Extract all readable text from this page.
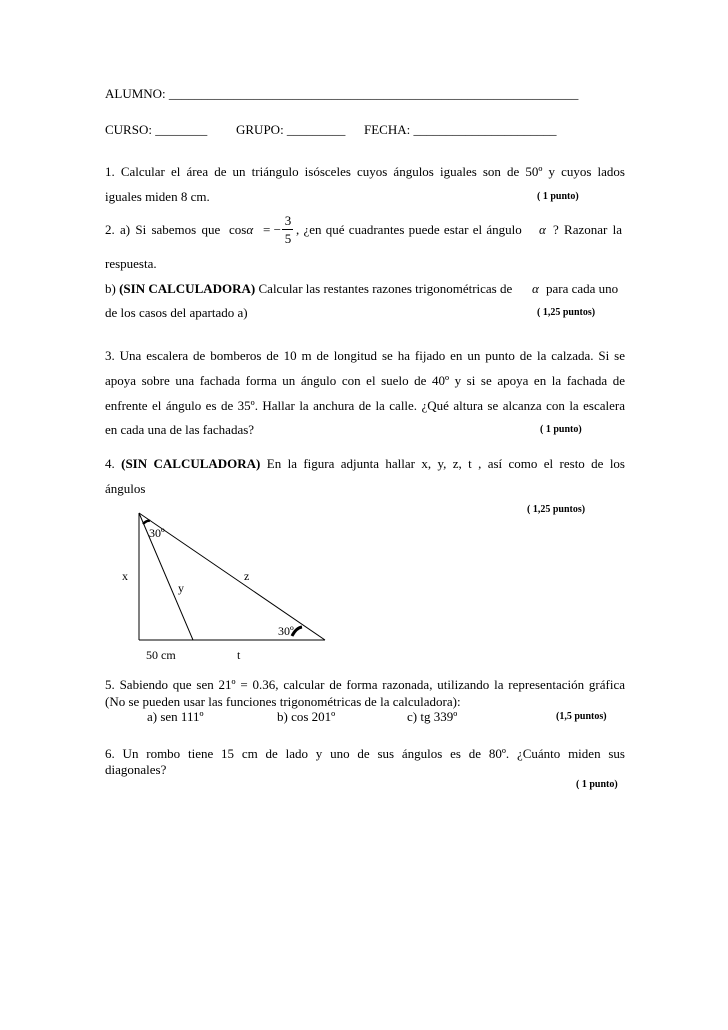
ALUMNO: _______________________________________________________________
CURSO: ________ GRUPO: _________ FECHA: ______________________
1. Calcular el área de un triángulo isósceles cuyos ángulos iguales son de 50º y cuyos lados
iguales miden 8 cm.	( 1 punto)
2. a) Si sabemos que cosα = −
3
5
, ¿en qué cuadrantes puede estar el ángulo α ? Razonar la
respuesta.
b) (SIN CALCULADORA) Calcular las restantes razones trigonométricas de α para cada uno
de los casos del apartado a)	( 1,25 puntos)
3. Una escalera de bomberos de 10 m de longitud se ha fijado en un punto de la calzada. Si se
apoya sobre una fachada forma un ángulo con el suelo de 40º y si se apoya en la fachada de
enfrente el ángulo es de 35º. Hallar la anchura de la calle. ¿Qué altura se alcanza con la escalera
en cada una de las fachadas?	( 1 punto)
4. (SIN CALCULADORA) En la figura adjunta hallar x, y, z, t , así como el resto de los
ángulos
( 1,25 puntos)
30º
x
y
z
30º
50 cm	t
5. Sabiendo que sen 21º = 0.36, calcular de forma razonada, utilizando la representación gráfica
(No se pueden usar las funciones trigonométricas de la calculadora):
a) sen 111º	b) cos 201º	c) tg 339º	(1,5 puntos)
6. Un rombo tiene 15 cm de lado y uno de sus ángulos es de 80º. ¿Cuánto miden sus
diagonales?
( 1 punto)
